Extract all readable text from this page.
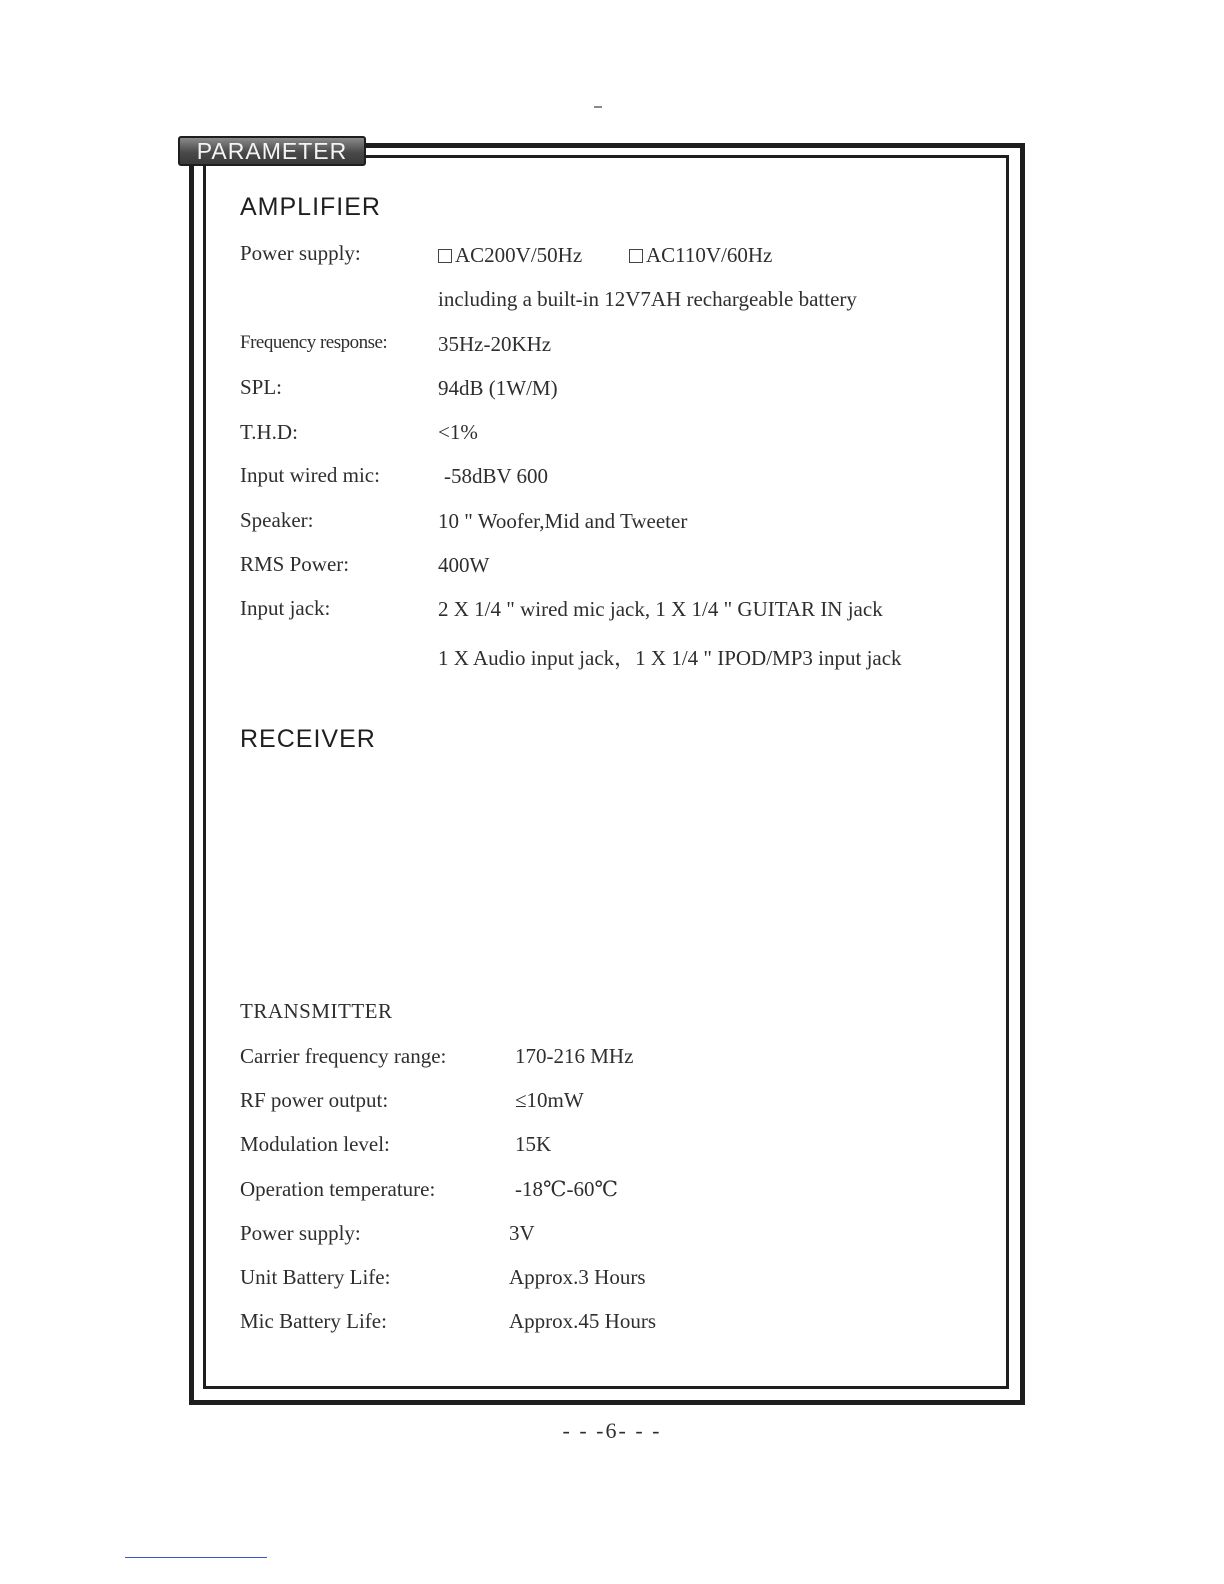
PARAMETER
AMPLIFIER
Power supply:	AC200V/50Hz	AC110V/60Hz
including a built-in 12V7AH rechargeable battery
Frequency response: 35Hz-20KHz
SPL:	94dB (1W/M)
T.H.D:	<1%
Input wired mic:	-58dBV 600
Speaker:	10 " Woofer,Mid and Tweeter
RMS Power:	400W
Input jack:	2 X 1/4 " wired mic jack, 1 X 1/4 " GUITAR IN jack
1 X Audio input jack，1 X 1/4 " IPOD/MP3 input jack
RECEIVER
TRANSMITTER
Carrier frequency range:	170-216 MHz
RF power output:	≤10mW
Modulation level:	15K
Operation temperature:	-18℃-60℃
Power supply:	3V
Unit Battery Life:	Approx.3 Hours
Mic Battery Life:	Approx.45 Hours
- - -6- - -
